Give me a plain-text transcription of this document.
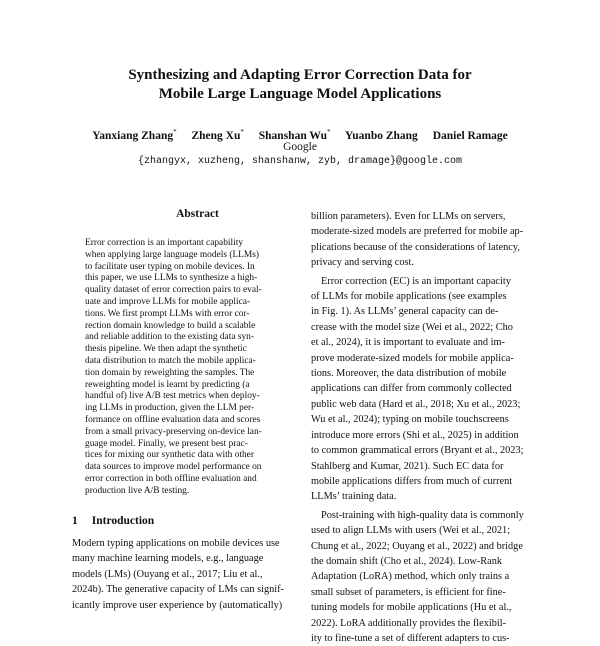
Synthesizing and Adapting Error Correction Data for
Mobile Large Language Model Applications
Yanxiang Zhang* Zheng Xu* Shanshan Wu* Yuanbo Zhang Daniel Ramage
Google
{zhangyx, xuzheng, shanshanw, zyb, dramage}@google.com
Abstract
Error correction is an important capability
when applying large language models (LLMs)
to facilitate user typing on mobile devices. In
this paper, we use LLMs to synthesize a high-
quality dataset of error correction pairs to eval-
uate and improve LLMs for mobile applica-
tions. We first prompt LLMs with error cor-
rection domain knowledge to build a scalable
and reliable addition to the existing data syn-
thesis pipeline. We then adapt the synthetic
data distribution to match the mobile applica-
tion domain by reweighting the samples. The
reweighting model is learnt by predicting (a
handful of) live A/B test metrics when deploy-
ing LLMs in production, given the LLM per-
formance on offline evaluation data and scores
from a small privacy-preserving on-device lan-
guage model. Finally, we present best prac-
tices for mixing our synthetic data with other
data sources to improve model performance on
error correction in both offline evaluation and
production live A/B testing.
1 Introduction
Modern typing applications on mobile devices use
many machine learning models, e.g., language
models (LMs) (Ouyang et al., 2017; Liu et al.,
2024b). The generative capacity of LMs can signif-
icantly improve user experience by (automatically)
billion parameters). Even for LLMs on servers,
moderate-sized models are preferred for mobile ap-
plications because of the considerations of latency,
privacy and serving cost.
Error correction (EC) is an important capacity
of LLMs for mobile applications (see examples
in Fig. 1). As LLMs’ general capacity can de-
crease with the model size (Wei et al., 2022; Cho
et al., 2024), it is important to evaluate and im-
prove moderate-sized models for mobile applica-
tions. Moreover, the data distribution of mobile
applications can differ from commonly collected
public web data (Hard et al., 2018; Xu et al., 2023;
Wu et al., 2024); typing on mobile touchscreens
introduce more errors (Shi et al., 2025) in addition
to common grammatical errors (Bryant et al., 2023;
Stahlberg and Kumar, 2021). Such EC data for
mobile applications differs from much of current
LLMs’ training data.
Post-training with high-quality data is commonly
used to align LLMs with users (Wei et al., 2021;
Chung et al., 2022; Ouyang et al., 2022) and bridge
the domain shift (Cho et al., 2024). Low-Rank
Adaptation (LoRA) method, which only trains a
small subset of parameters, is efficient for fine-
tuning models for mobile applications (Hu et al.,
2022). LoRA additionally provides the flexibil-
ity to fine-tune a set of different adapters to cus-
